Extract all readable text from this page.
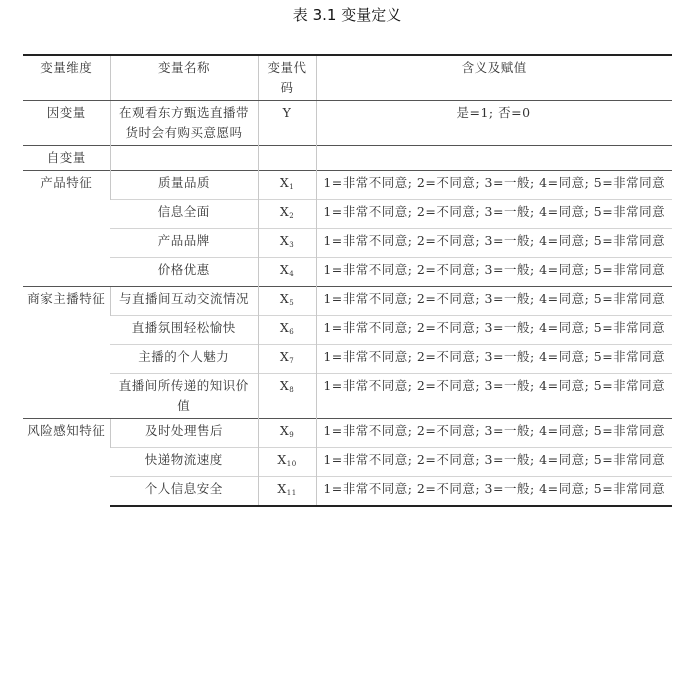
表 3.1 变量定义
变量维度	变量名称	变量代码	含义及赋值
因变量	在观看东方甄选直播带货时会有购买意愿吗	Y	是=1; 否=0
自变量			
产品特征	质量品质	$X_1$	1=非常不同意; 2=不同意; 3=一般; 4=同意; 5=非常同意
	信息全面	$X_2$	1=非常不同意; 2=不同意; 3=一般; 4=同意; 5=非常同意
	产品品牌	$X_3$	1=非常不同意; 2=不同意; 3=一般; 4=同意; 5=非常同意
	价格优惠	$X_4$	1=非常不同意; 2=不同意; 3=一般; 4=同意; 5=非常同意
商家主播特征	与直播间互动交流情况	$X_5$	1=非常不同意; 2=不同意; 3=一般; 4=同意; 5=非常同意
	直播氛围轻松愉快	$X_6$	1=非常不同意; 2=不同意; 3=一般; 4=同意; 5=非常同意
	主播的个人魅力	$X_7$	1=非常不同意; 2=不同意; 3=一般; 4=同意; 5=非常同意
	直播间所传递的知识价值	$X_8$	1=非常不同意; 2=不同意; 3=一般; 4=同意; 5=非常同意
风险感知特征	及时处理售后	$X_9$	1=非常不同意; 2=不同意; 3=一般; 4=同意; 5=非常同意
	快递物流速度	$X_{10}$	1=非常不同意; 2=不同意; 3=一般; 4=同意; 5=非常同意
	个人信息安全	$X_{11}$	1=非常不同意; 2=不同意; 3=一般; 4=同意; 5=非常同意
